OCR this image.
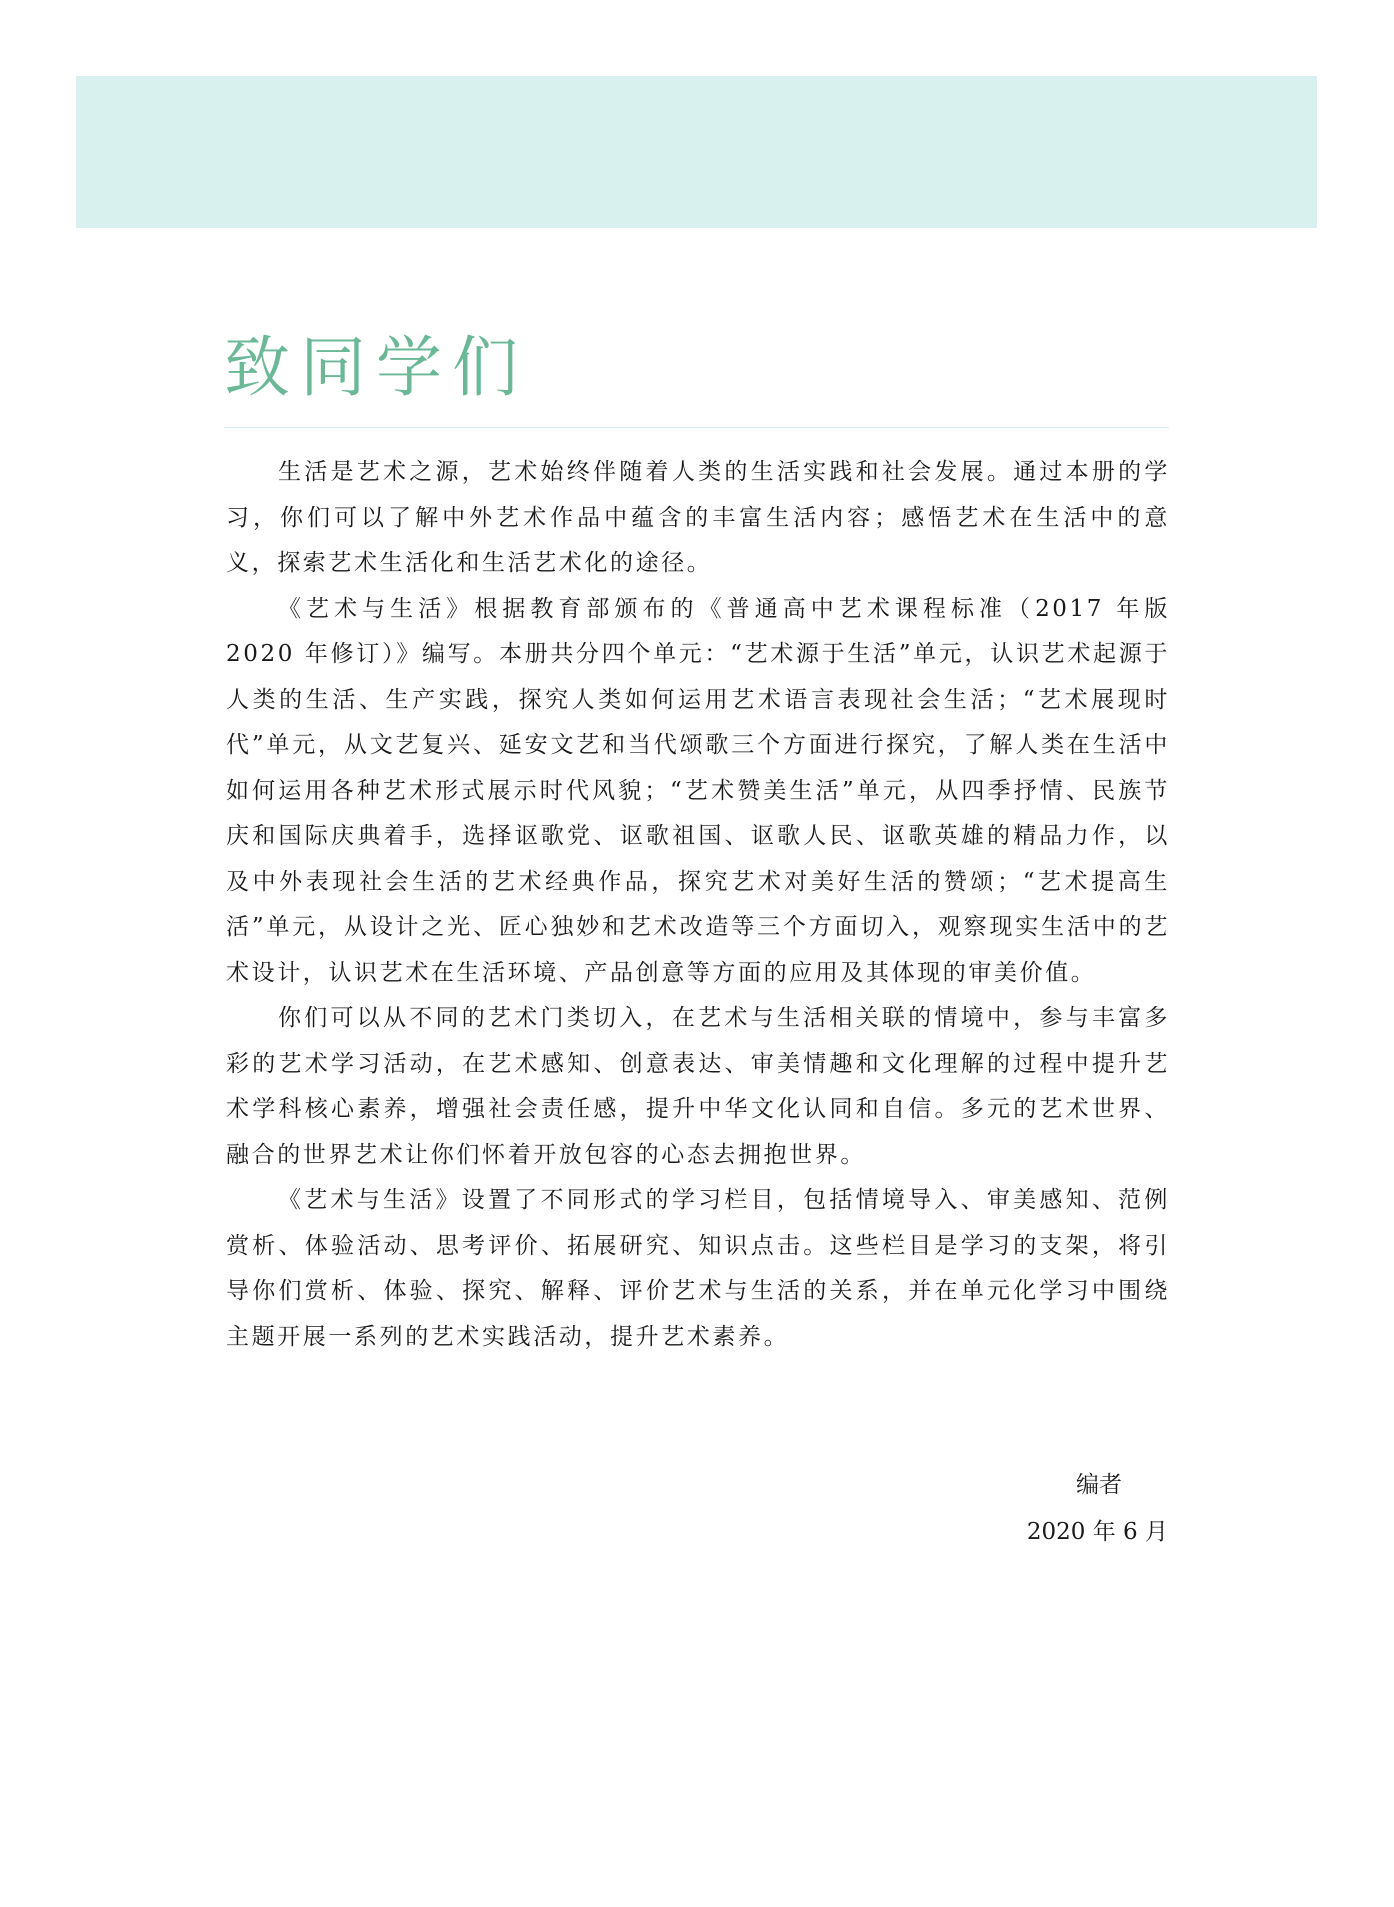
致同学们

生活是艺术之源，艺术始终伴随着人类的生活实践和社会发展。通过本册的学习，你们可以了解中外艺术作品中蕴含的丰富生活内容；感悟艺术在生活中的意义，探索艺术生活化和生活艺术化的途径。

《艺术与生活》根据教育部颁布的《普通高中艺术课程标准（2017 年版 2020 年修订）》编写。本册共分四个单元：“艺术源于生活”单元，认识艺术起源于人类的生活、生产实践，探究人类如何运用艺术语言表现社会生活；“艺术展现时代”单元，从文艺复兴、延安文艺和当代颂歌三个方面进行探究，了解人类在生活中如何运用各种艺术形式展示时代风貌；“艺术赞美生活”单元，从四季抒情、民族节庆和国际庆典着手，选择讴歌党、讴歌祖国、讴歌人民、讴歌英雄的精品力作，以及中外表现社会生活的艺术经典作品，探究艺术对美好生活的赞颂；“艺术提高生活”单元，从设计之光、匠心独妙和艺术改造等三个方面切入，观察现实生活中的艺术设计，认识艺术在生活环境、产品创意等方面的应用及其体现的审美价值。

你们可以从不同的艺术门类切入，在艺术与生活相关联的情境中，参与丰富多彩的艺术学习活动，在艺术感知、创意表达、审美情趣和文化理解的过程中提升艺术学科核心素养，增强社会责任感，提升中华文化认同和自信。多元的艺术世界、融合的世界艺术让你们怀着开放包容的心态去拥抱世界。

《艺术与生活》设置了不同形式的学习栏目，包括情境导入、审美感知、范例赏析、体验活动、思考评价、拓展研究、知识点击。这些栏目是学习的支架，将引导你们赏析、体验、探究、解释、评价艺术与生活的关系，并在单元化学习中围绕主题开展一系列的艺术实践活动，提升艺术素养。

编者
2020 年 6 月
